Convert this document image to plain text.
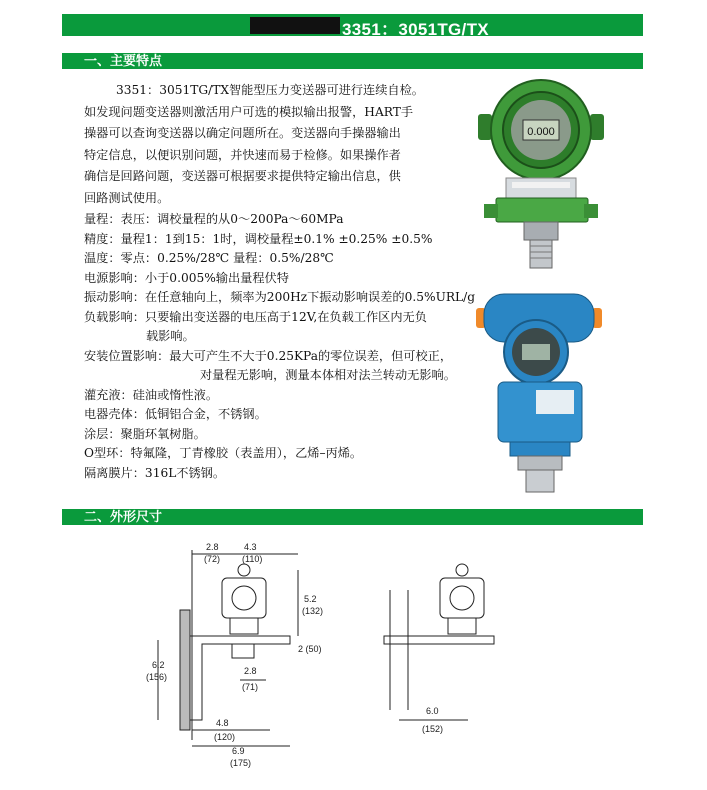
3351：3051TG/TX
一、主要特点

3351：3051TG/TX智能型压力变送器可进行连续自检。

如发现问题变送器则激活用户可选的模拟输出报警，HART手

操器可以查询变送器以确定问题所在。变送器向手操器输出

特定信息，以便识别问题，并快速而易于检修。如果操作者

确信是回路问题，变送器可根据要求提供特定输出信息，供

回路测试使用。

量程：表压：调校量程的从0～200Pa～60MPa
精度：量程1：1到15：1时，调校量程±0.1% ±0.25% ±0.5%
温度：零点：0.25%/28℃ 量程：0.5%/28℃
电源影响：小于0.005%输出量程伏特
振动影响：在任意轴向上，频率为200Hz下振动影响误差的0.5%URL/g
负载影响：只要输出变送器的电压高于12V,在负载工作区内无负
载影响。
安装位置影响：最大可产生不大于0.25KPa的零位误差，但可校正，
对量程无影响，测量本体相对法兰转动无影响。
灌充液：硅油或惰性液。
电器壳体：低铜铝合金，不锈钢。
涂层：聚脂环氧树脂。
O型环：特氟隆，丁青橡胶（表盖用），乙烯–丙烯。
隔离膜片：316L不锈钢。
0.000
二、外形尺寸
2.8
(72)
4.3
(110)
5.2
(132)
2 (50)
6.2
(156)
2.8
(71)
4.8
(120)
6.9
(175)
6.0
(152)
